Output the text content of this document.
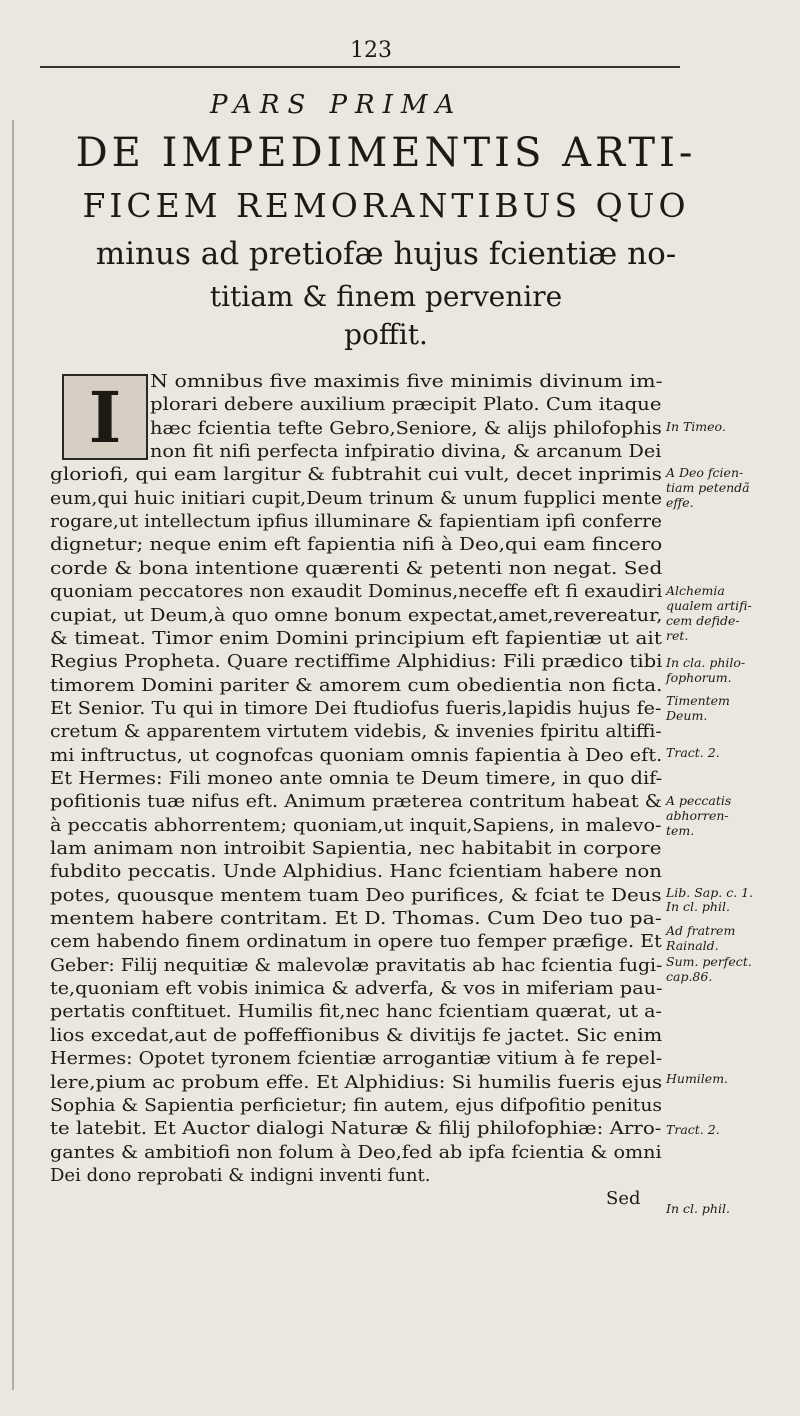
123
PARS PRIMA
DE IMPEDIMENTIS ARTI-
FICEM REMORANTIBUS QUO
minus ad pretiofæ hujus fcientiæ no-
titiam & finem pervenire
poffit.
I	N omnibus five maximis five minimis divinum im-
plorari debere auxilium præcipit Plato. Cum itaque
hæc fcientia tefte Gebro,Seniore, & alijs philofophis
non fit nifi perfecta infpiratio divina, & arcanum Dei
gloriofi, qui eam largitur & fubtrahit cui vult, decet inprimis
eum,qui huic initiari cupit,Deum trinum & unum fupplici mente
rogare,ut intellectum ipfius illuminare & fapientiam ipfi conferre
dignetur; neque enim eft fapientia nifi à Deo,qui eam fincero
corde & bona intentione quærenti & petenti non negat. Sed
quoniam peccatores non exaudit Dominus,neceffe eft fi exaudiri
cupiat, ut Deum,à quo omne bonum expectat,amet,revereatur,
& timeat. Timor enim Domini principium eft fapientiæ ut ait
Regius Propheta. Quare rectiffime Alphidius: Fili prædico tibi
timorem Domini pariter & amorem cum obedientia non ficta.
Et Senior. Tu qui in timore Dei ftudiofus fueris,lapidis hujus fe-
cretum & apparentem virtutem videbis, & invenies fpiritu altiffi-
mi inftructus, ut cognofcas quoniam omnis fapientia à Deo eft.
Et Hermes: Fili moneo ante omnia te Deum timere, in quo dif-
pofitionis tuæ nifus eft. Animum præterea contritum habeat &
à peccatis abhorrentem; quoniam,ut inquit,Sapiens, in malevo-
lam animam non introibit Sapientia, nec habitabit in corpore
fubdito peccatis. Unde Alphidius. Hanc fcientiam habere non
potes, quousque mentem tuam Deo purifices, & fciat te Deus
mentem habere contritam. Et D. Thomas. Cum Deo tuo pa-
cem habendo finem ordinatum in opere tuo femper præfige. Et
Geber: Filij nequitiæ & malevolæ pravitatis ab hac fcientia fugi-
te,quoniam eft vobis inimica & adverfa, & vos in miferiam pau-
pertatis conftituet. Humilis fit,nec hanc fcientiam quærat, ut a-
lios excedat,aut de poffeffionibus & divitijs fe jactet. Sic enim
Hermes: Opotet tyronem fcientiæ arrogantiæ vitium à fe repel-
lere,pium ac probum effe. Et Alphidius: Si humilis fueris ejus
Sophia & Sapientia perficietur; fin autem, ejus difpofitio penitus
te latebit. Et Auctor dialogi Naturæ & filij philofophiæ: Arro-
gantes & ambitiofi non folum à Deo,fed ab ipfa fcientia & omni
Dei dono reprobati & indigni inventi funt.
Sed
In Timeo.
A Deo fcien-
tiam petendã
effe.
Alchemia
qualem artifi-
cem defide-
ret.
In cla. philo-
fophorum.
Timentem
Deum.
Tract. 2.
A peccatis
abhorren-
tem.
Lib. Sap. c. 1.
In cl. phil.
Ad fratrem
Rainald.
Sum. perfect.
cap.86.
Humilem.
Tract. 2.
In cl. phil.
